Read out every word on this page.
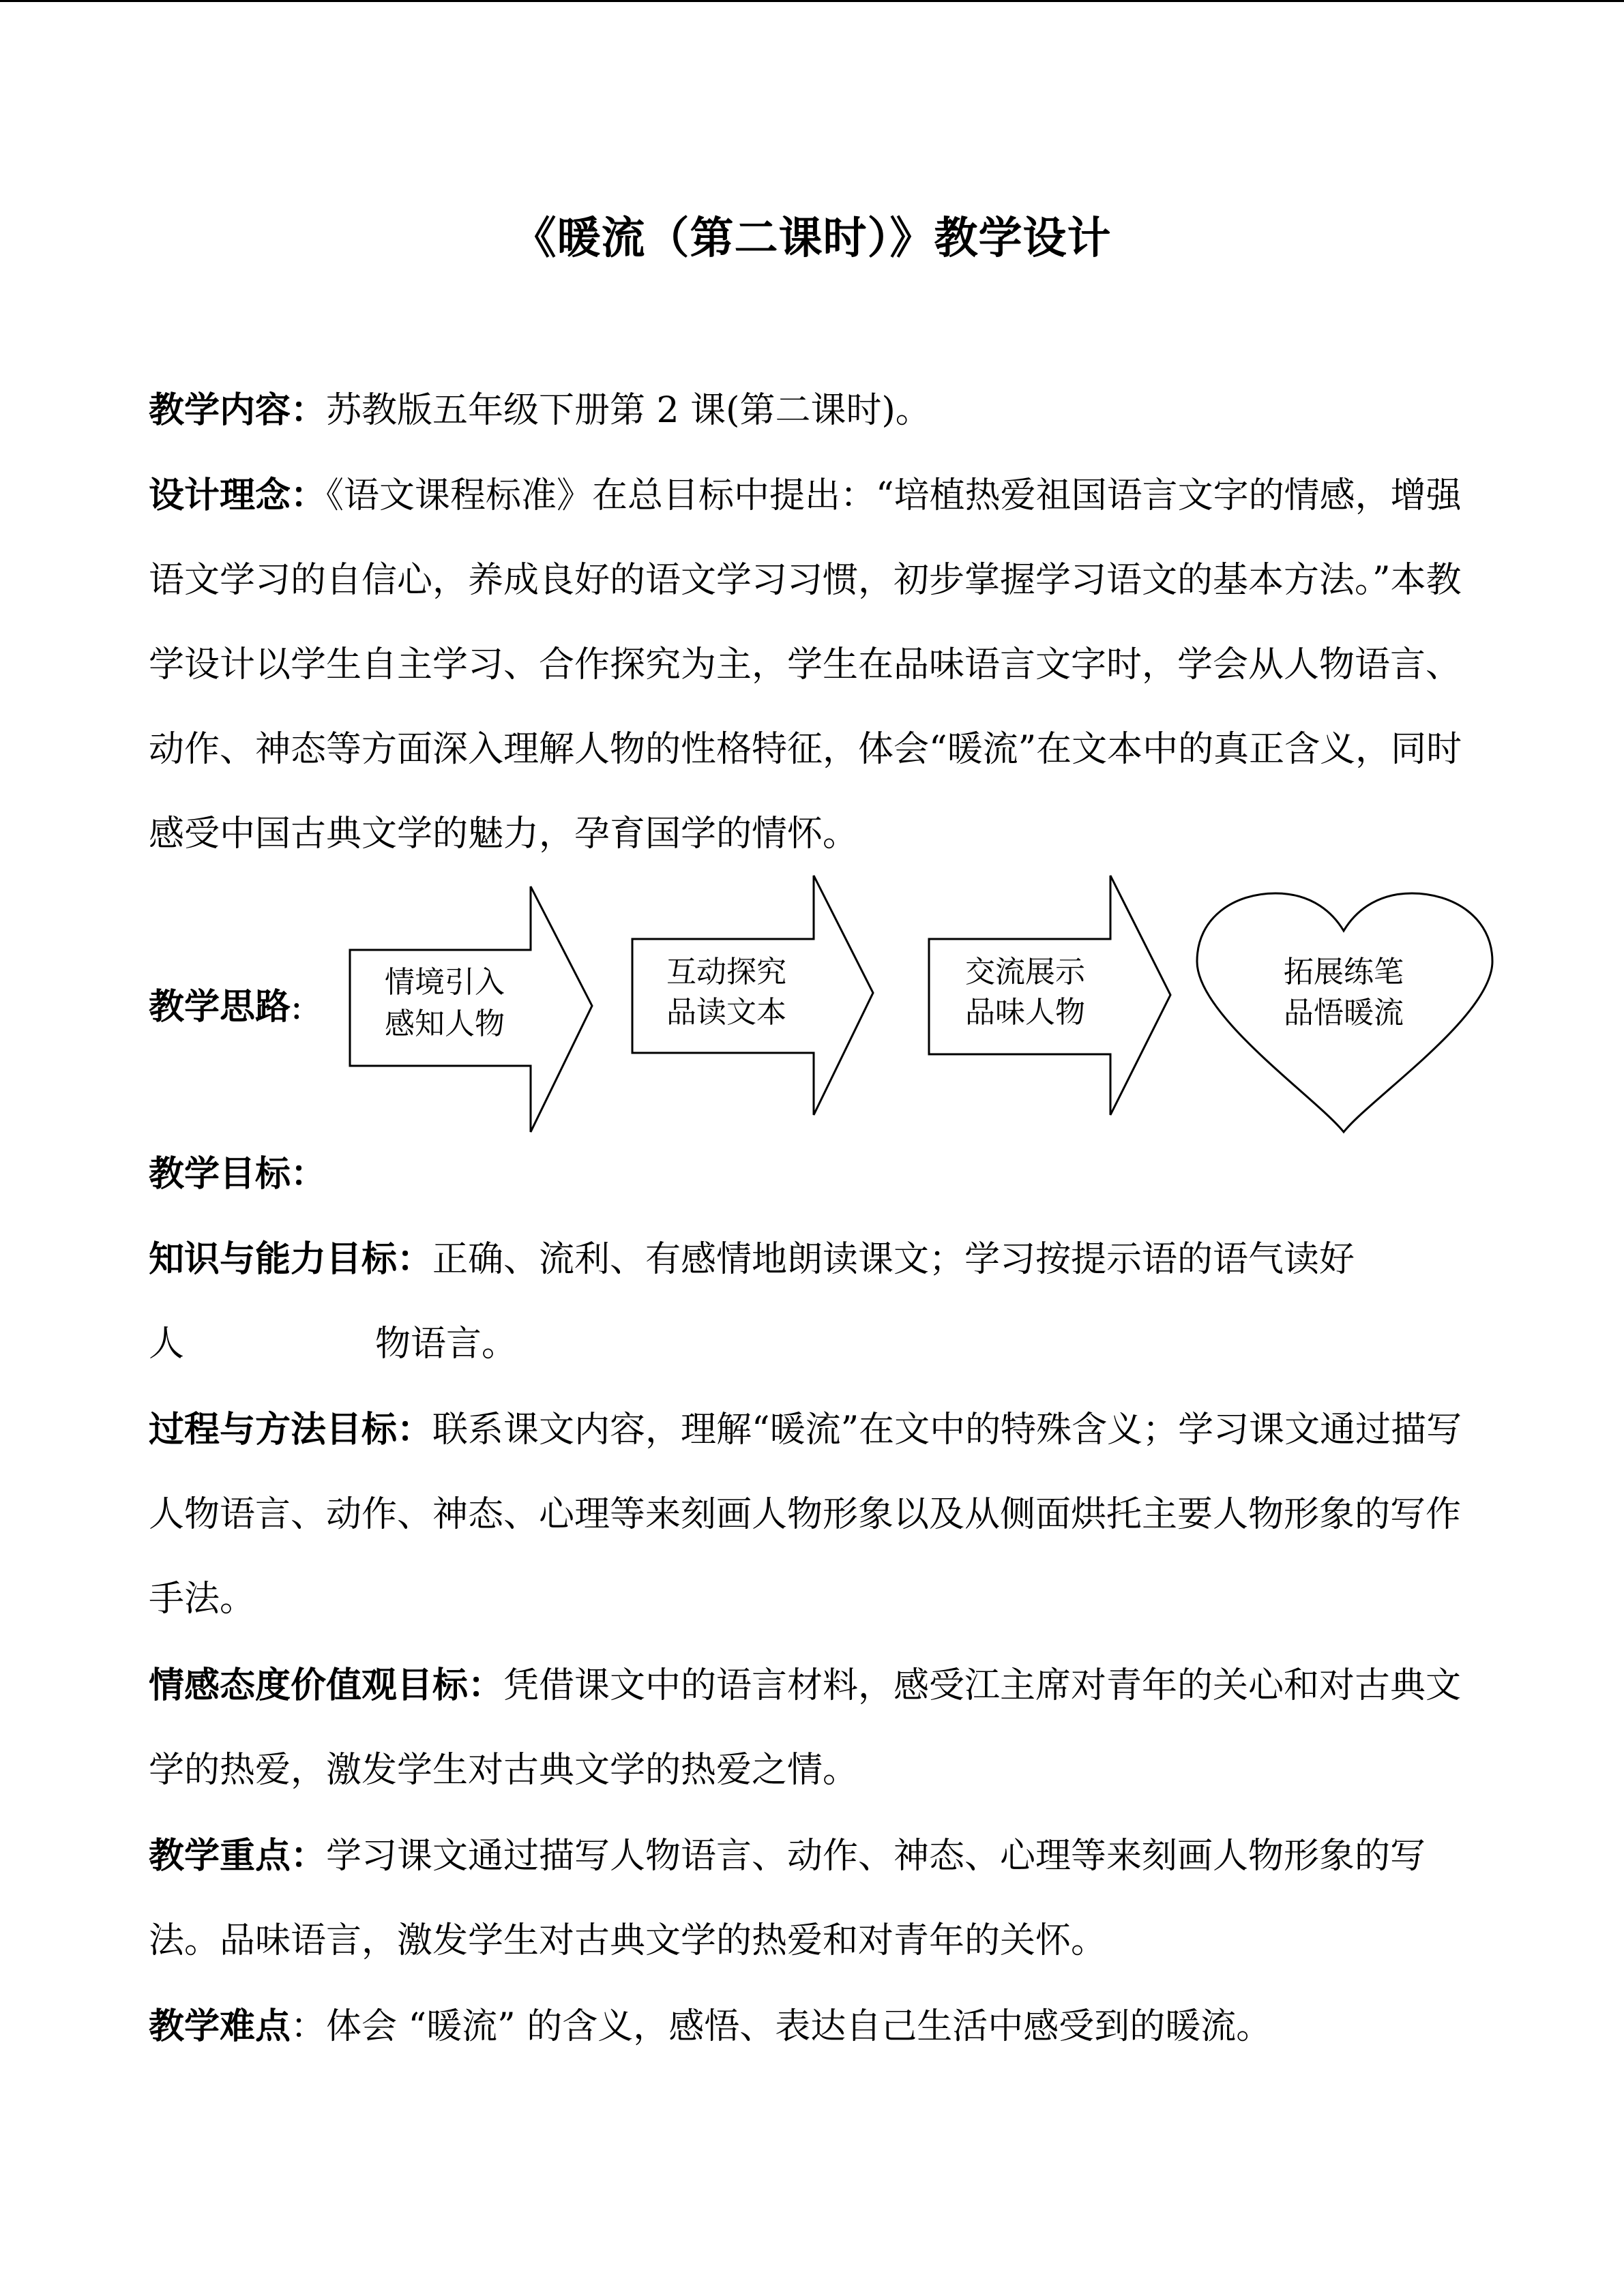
《暖流（第二课时）》教学设计

教学内容：苏教版五年级下册第 2 课(第二课时)。

设计理念：《语文课程标准》在总目标中提出：“培植热爱祖国语言文字的情感，增强语文学习的自信心，养成良好的语文学习习惯，初步掌握学习语文的基本方法。”本教学设计以学生自主学习、合作探究为主，学生在品味语言文字时，学会从人物语言、动作、神态等方面深入理解人物的性格特征，体会“暖流”在文本中的真正含义，同时感受中国古典文学的魅力，孕育国学的情怀。

教学思路:
情境引入
感知人物
互动探究
品读文本
交流展示
品味人物
拓展练笔
品悟暖流

教学目标：

知识与能力目标：正确、流利、有感情地朗读课文；学习按提示语的语气读好
人	物语言。

过程与方法目标：联系课文内容，理解“暖流”在文中的特殊含义；学习课文通过描写人物语言、动作、神态、心理等来刻画人物形象以及从侧面烘托主要人物形象的写作手法。

情感态度价值观目标：凭借课文中的语言材料，感受江主席对青年的关心和对古典文学的热爱，激发学生对古典文学的热爱之情。

教学重点：学习课文通过描写人物语言、动作、神态、心理等来刻画人物形象的写法。品味语言，激发学生对古典文学的热爱和对青年的关怀。

教学难点：体会 “暖流” 的含义，感悟、表达自己生活中感受到的暖流。
